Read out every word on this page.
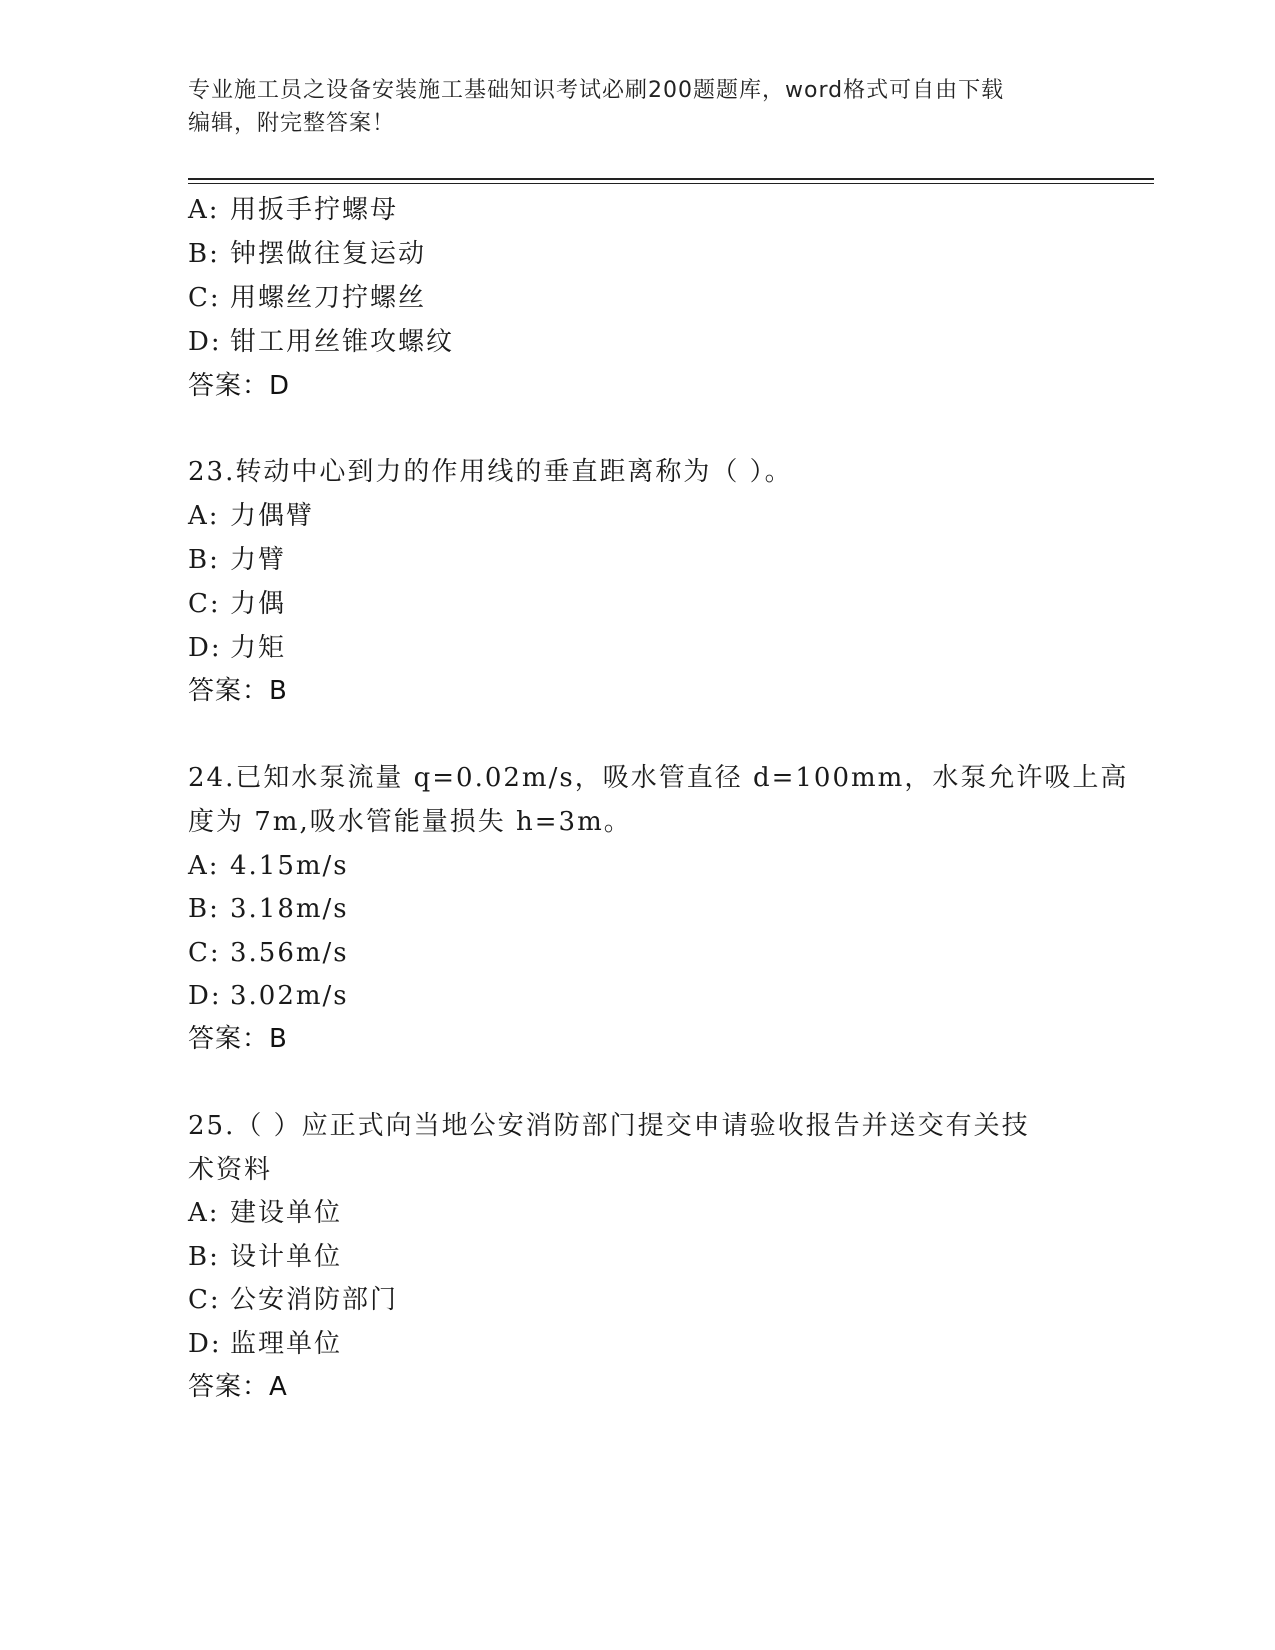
专业施工员之设备安装施工基础知识考试必刷200题题库，word格式可自由下载
编辑，附完整答案！
A: 用扳手拧螺母
B: 钟摆做往复运动
C: 用螺丝刀拧螺丝
D: 钳工用丝锥攻螺纹
答案：D
23.转动中心到力的作用线的垂直距离称为（ ）。
A: 力偶臂
B: 力臂
C: 力偶
D: 力矩
答案：B
24.已知水泵流量 q=0.02m/s，吸水管直径 d=100mm，水泵允许吸上高
度为 7m,吸水管能量损失 h=3m。
A: 4.15m/s
B: 3.18m/s
C: 3.56m/s
D: 3.02m/s
答案：B
25.（ ）应正式向当地公安消防部门提交申请验收报告并送交有关技
术资料
A: 建设单位
B: 设计单位
C: 公安消防部门
D: 监理单位
答案：A
